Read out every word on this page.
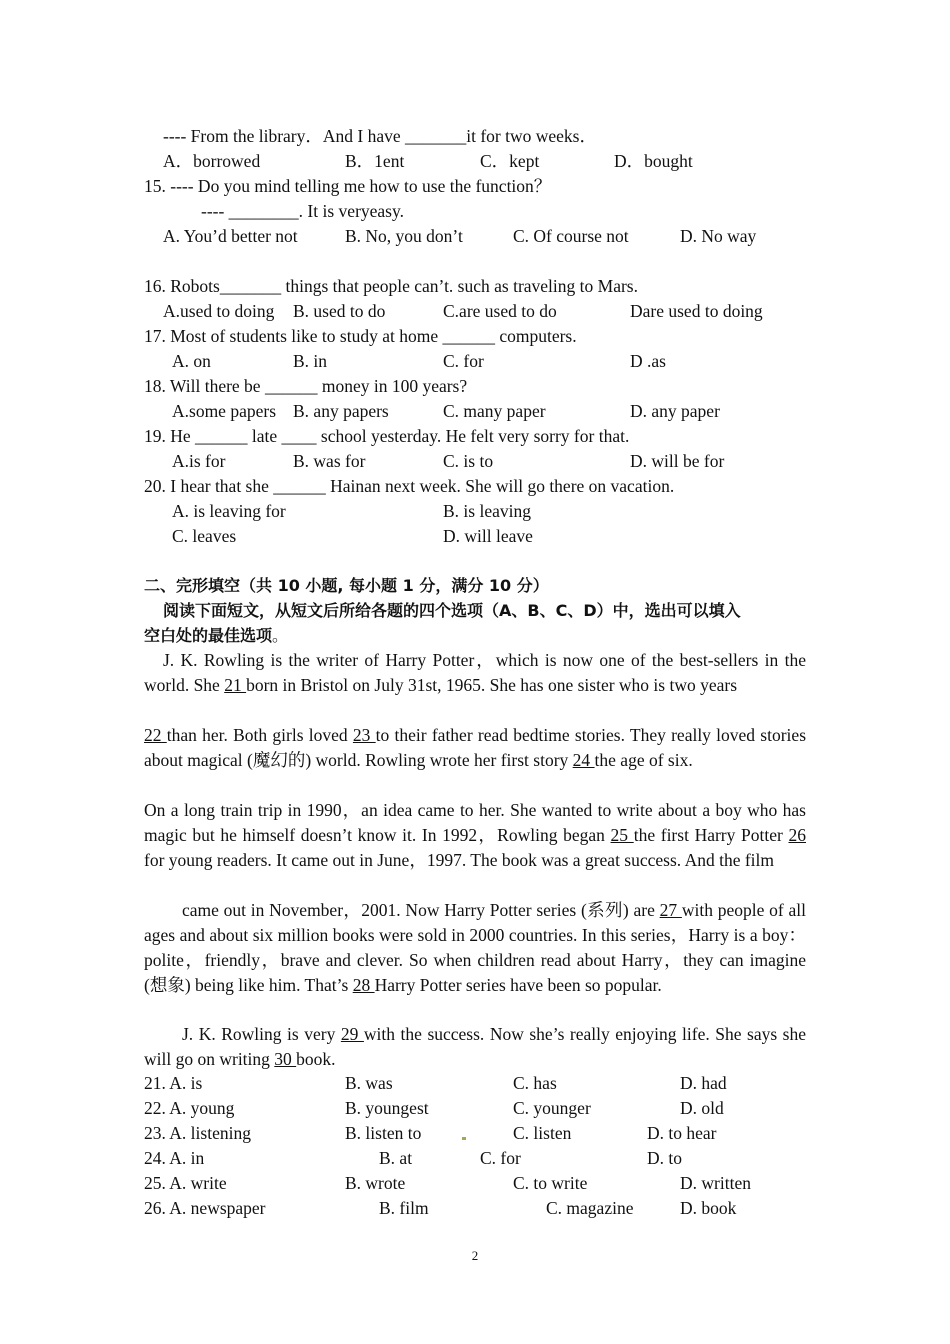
---- From the library．And I have _______it for two weeks．
A．borrowed	B．1ent	C．kept	D．bought
15. ---- Do you mind telling me how to use the function？
---- ________. It is veryeasy.
A. You’d better not	B. No, you don’t	C. Of course not	D. No way
16. Robots_______ things that people can’t. such as traveling to Mars.
A.used to doing B. used to do	C.are used to do	Dare used to doing
17. Most of students like to study at home ______ computers.
A. on	B. in	C. for	D .as
18. Will there be ______ money in 100 years?
A.some papers B. any papers	C. many paper	D. any paper
19. He ______ late ____ school yesterday. He felt very sorry for that.
A.is for	B. was for	C. is to	D. will be for
20. I hear that she ______ Hainan next week. She will go there on vacation.
A. is leaving for	B. is leaving
C. leaves	D. will leave
二、完形填空（共 10 小题, 每小题 1 分，满分 10 分）
阅读下面短文，从短文后所给各题的四个选项（A、B、C、D）中，选出可以填入
空白处的最佳选项。
J. K. Rowling is the writer of Harry Potter，which is now one of the best-sellers in the world. She 21 born in Bristol on July 31st, 1965. She has one sister who is two years
22 than her. Both girls loved 23 to their father read bedtime stories. They really loved stories about magical (魔幻的) world. Rowling wrote her first story 24 the age of six.
On a long train trip in 1990，an idea came to her. She wanted to write about a boy who has magic but he himself doesn’t know it. In 1992，Rowling began 25 the first Harry Potter 26 for young readers. It came out in June，1997. The book was a great success. And the film
came out in November，2001. Now Harry Potter series (系列) are 27 with people of all ages and about six million books were sold in 2000 countries. In this series，Harry is a boy：polite，friendly，brave and clever. So when children read about Harry，they can imagine (想象) being like him. That’s 28 Harry Potter series have been so popular.
J. K. Rowling is very 29 with the success. Now she’s really enjoying life. She says she will go on writing 30 book.
21. A. is	B. was	C. has	D. had
22. A. young	B. youngest	C. younger	D. old
23. A. listening	B. listen to	C. listen	D. to hear
24. A. in	B. at	C. for	D. to
25. A. write	B. wrote	C. to write	D. written
26. A. newspaper	B. film	C. magazine	D. book
2
